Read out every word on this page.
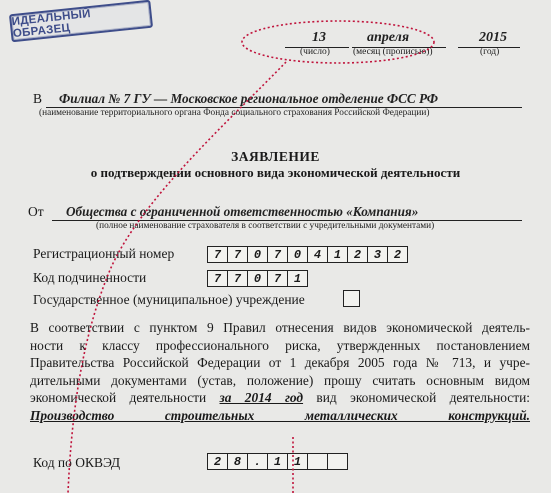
ИДЕАЛЬНЫЙ ОБРАЗЕЦ	13
(число)
апреля
(месяц (прописью))
2015
(год)
В Филиал № 7 ГУ — Московское региональное отделение ФСС РФ
(наименование территориального органа Фонда социального страхования Российской Федерации)
ЗАЯВЛЕНИЕ
о подтверждении основного вида экономической деятельности
От Общества с ограниченной ответственностью «Компания»
(полное наименование страхователя в соответствии с учредительными документами)
Регистрационный номер	7	7	0	7	0	4	1	2	3	2
Код подчиненности	7	7	0	7	1
Государственное (муниципальное) учреждение
В соответствии с пунктом 9 Правил отнесения видов экономической деятель-
ности к классу профессионального риска, утвержденных постановлением
Правительства Российской Федерации от 1 декабря 2005 года № 713, и учре-
дительными документами (устав, положение) прошу считать основным видом
экономической деятельности за 2014 год вид экономической деятельности:
Производство строительных металлических конструкций.
Код по ОКВЭД	2	8	.	1	1
